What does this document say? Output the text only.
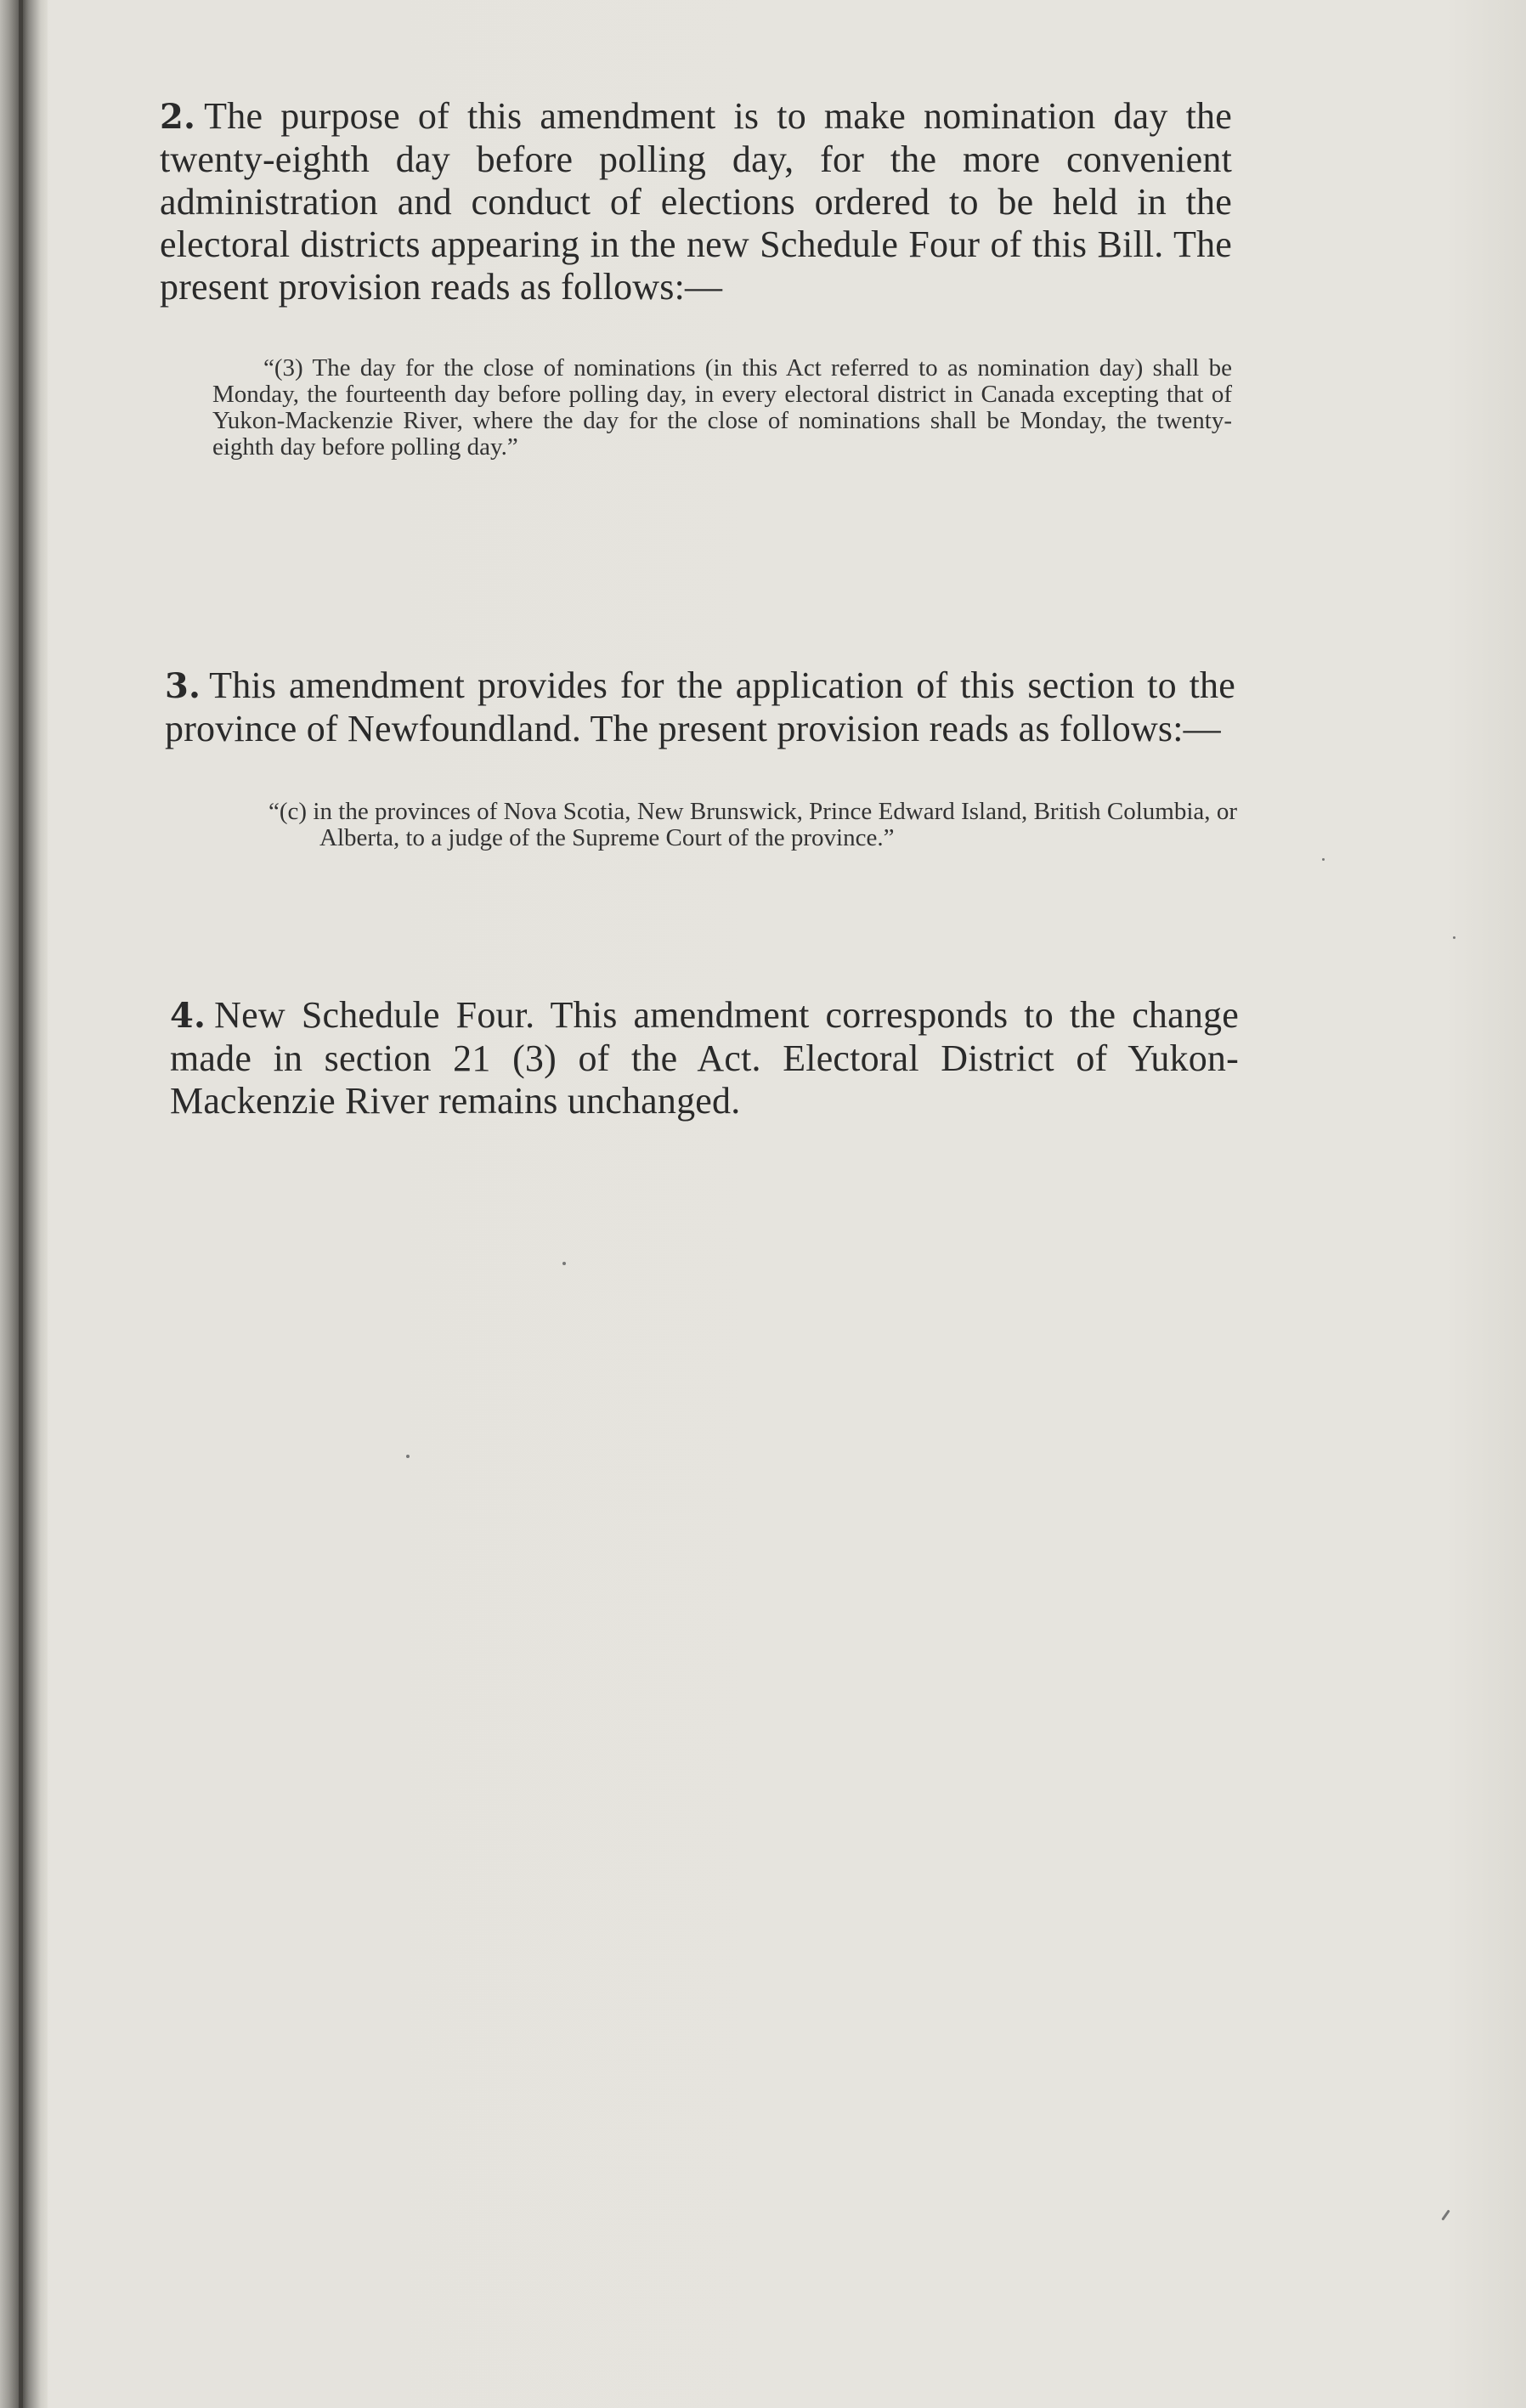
2. The purpose of this amendment is to make nomination day the twenty-eighth day before polling day, for the more convenient administration and conduct of elections ordered to be held in the electoral districts appearing in the new Schedule Four of this Bill. The present provision reads as follows:—

“(3) The day for the close of nominations (in this Act referred to as nomination day) shall be Monday, the fourteenth day before polling day, in every electoral district in Canada excepting that of Yukon-Mackenzie River, where the day for the close of nominations shall be Monday, the twenty-eighth day before polling day.”

3. This amendment provides for the application of this section to the province of Newfoundland. The present provision reads as follows:—

“(c) in the provinces of Nova Scotia, New Brunswick, Prince Edward Island, British Columbia, or Alberta, to a judge of the Supreme Court of the province.”

4. New Schedule Four. This amendment corresponds to the change made in section 21 (3) of the Act. Electoral District of Yukon-Mackenzie River remains unchanged.
